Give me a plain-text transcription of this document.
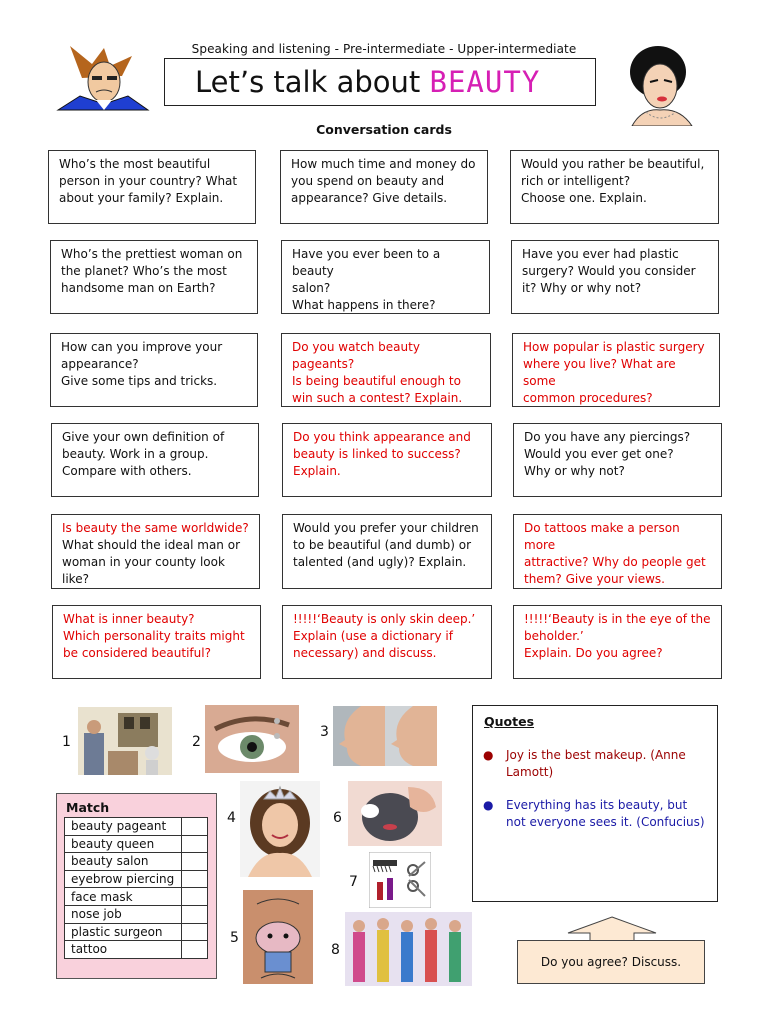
Speaking and listening - Pre-intermediate - Upper-intermediate
Let’s talk about BEAUTY
Conversation cards
Who’s the most beautiful
person in your country? What
about your family? Explain.
How much time and money do
you spend on beauty and
appearance? Give details.
Would you rather be beautiful,
rich or intelligent?
Choose one. Explain.
Who’s the prettiest woman on
the planet? Who’s the most
handsome man on Earth?
Have you ever been to a beauty
salon?
What happens in there?
Have you ever had plastic
surgery? Would you consider
it? Why or why not?
How can you improve your
appearance?
Give some tips and tricks.
Do you watch beauty pageants?
Is being beautiful enough to
win such a contest? Explain.
How popular is plastic surgery
where you live? What are some
common procedures?
Give your own definition of
beauty. Work in a group.
Compare with others.
Do you think appearance and
beauty is linked to success?
Explain.
Do you have any piercings?
Would you ever get one?
Why or why not?
Is beauty the same worldwide?
What should the ideal man or
woman in your county look like?
Would you prefer your children
to be beautiful (and dumb) or
talented (and ugly)? Explain.
Do tattoos make a person more
attractive? Why do people get
them? Give your views.
What is inner beauty?
Which personality traits might
be considered beautiful?
!!!!!‘Beauty is only skin deep.’
Explain (use a dictionary if
necessary) and discuss.
!!!!!‘Beauty is in the eye of the
beholder.’
Explain. Do you agree?
1	2
3
4
5
6
7
8
Match
beauty pageant	
beauty queen	
beauty salon	
eyebrow piercing	
face mask	
nose job	
plastic surgeon	
tattoo	
Quotes
● Joy is the best makeup. (Anne
Lamott)
● Everything has its beauty, but
not everyone sees it. (Confucius)
Do you agree? Discuss.
